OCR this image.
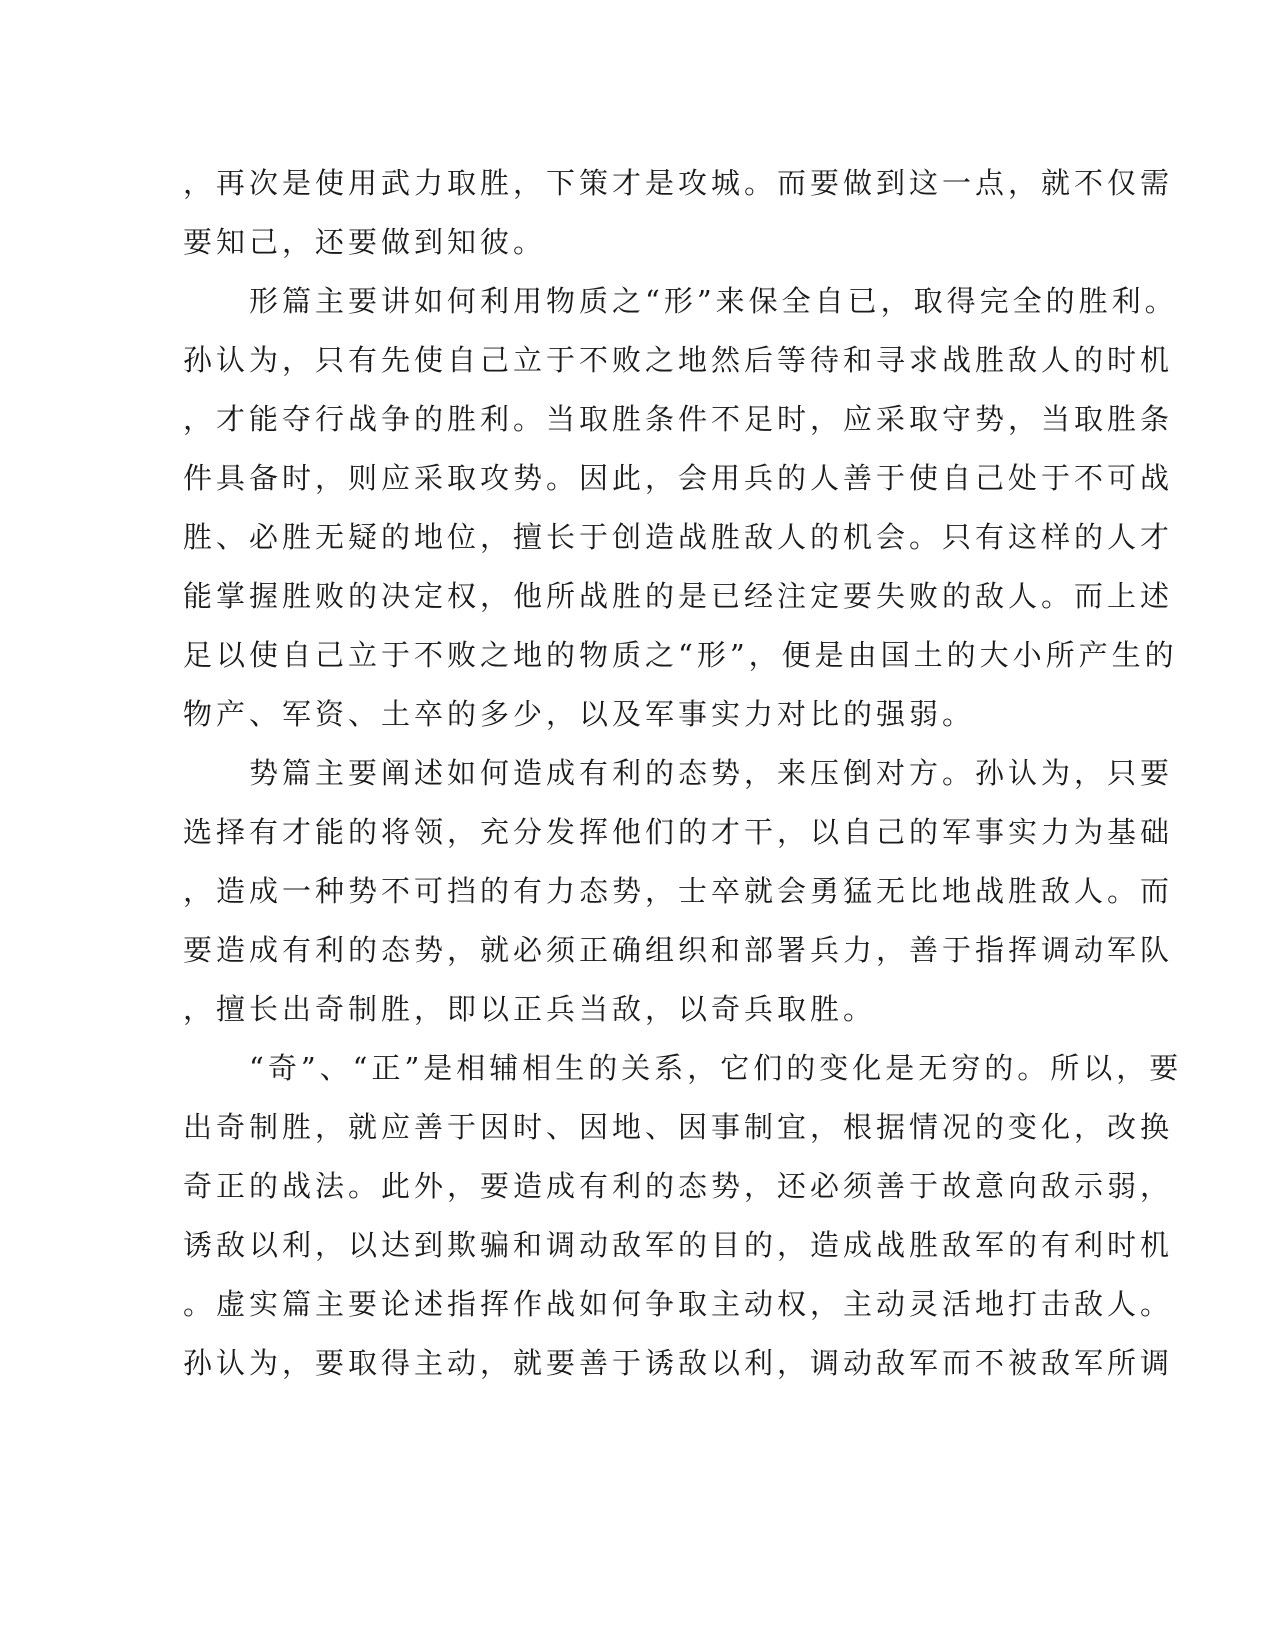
，再次是使用武力取胜，下策才是攻城。而要做到这一点，就不仅需
要知己，还要做到知彼。
形篇主要讲如何利用物质之“形”来保全自已，取得完全的胜利。
孙认为，只有先使自己立于不败之地然后等待和寻求战胜敌人的时机
，才能夺行战争的胜利。当取胜条件不足时，应采取守势，当取胜条
件具备时，则应采取攻势。因此，会用兵的人善于使自己处于不可战
胜、必胜无疑的地位，擅长于创造战胜敌人的机会。只有这样的人才
能掌握胜败的决定权，他所战胜的是已经注定要失败的敌人。而上述
足以使自己立于不败之地的物质之“形”，便是由国土的大小所产生的
物产、军资、土卒的多少，以及军事实力对比的强弱。
势篇主要阐述如何造成有利的态势，来压倒对方。孙认为，只要
选择有才能的将领，充分发挥他们的才干，以自己的军事实力为基础
，造成一种势不可挡的有力态势，士卒就会勇猛无比地战胜敌人。而
要造成有利的态势，就必须正确组织和部署兵力，善于指挥调动军队
，擅长出奇制胜，即以正兵当敌，以奇兵取胜。
“奇”、“正”是相辅相生的关系，它们的变化是无穷的。所以，要
出奇制胜，就应善于因时、因地、因事制宜，根据情况的变化，改换
奇正的战法。此外，要造成有利的态势，还必须善于故意向敌示弱，
诱敌以利，以达到欺骗和调动敌军的目的，造成战胜敌军的有利时机
。虚实篇主要论述指挥作战如何争取主动权，主动灵活地打击敌人。
孙认为，要取得主动，就要善于诱敌以利，调动敌军而不被敌军所调
